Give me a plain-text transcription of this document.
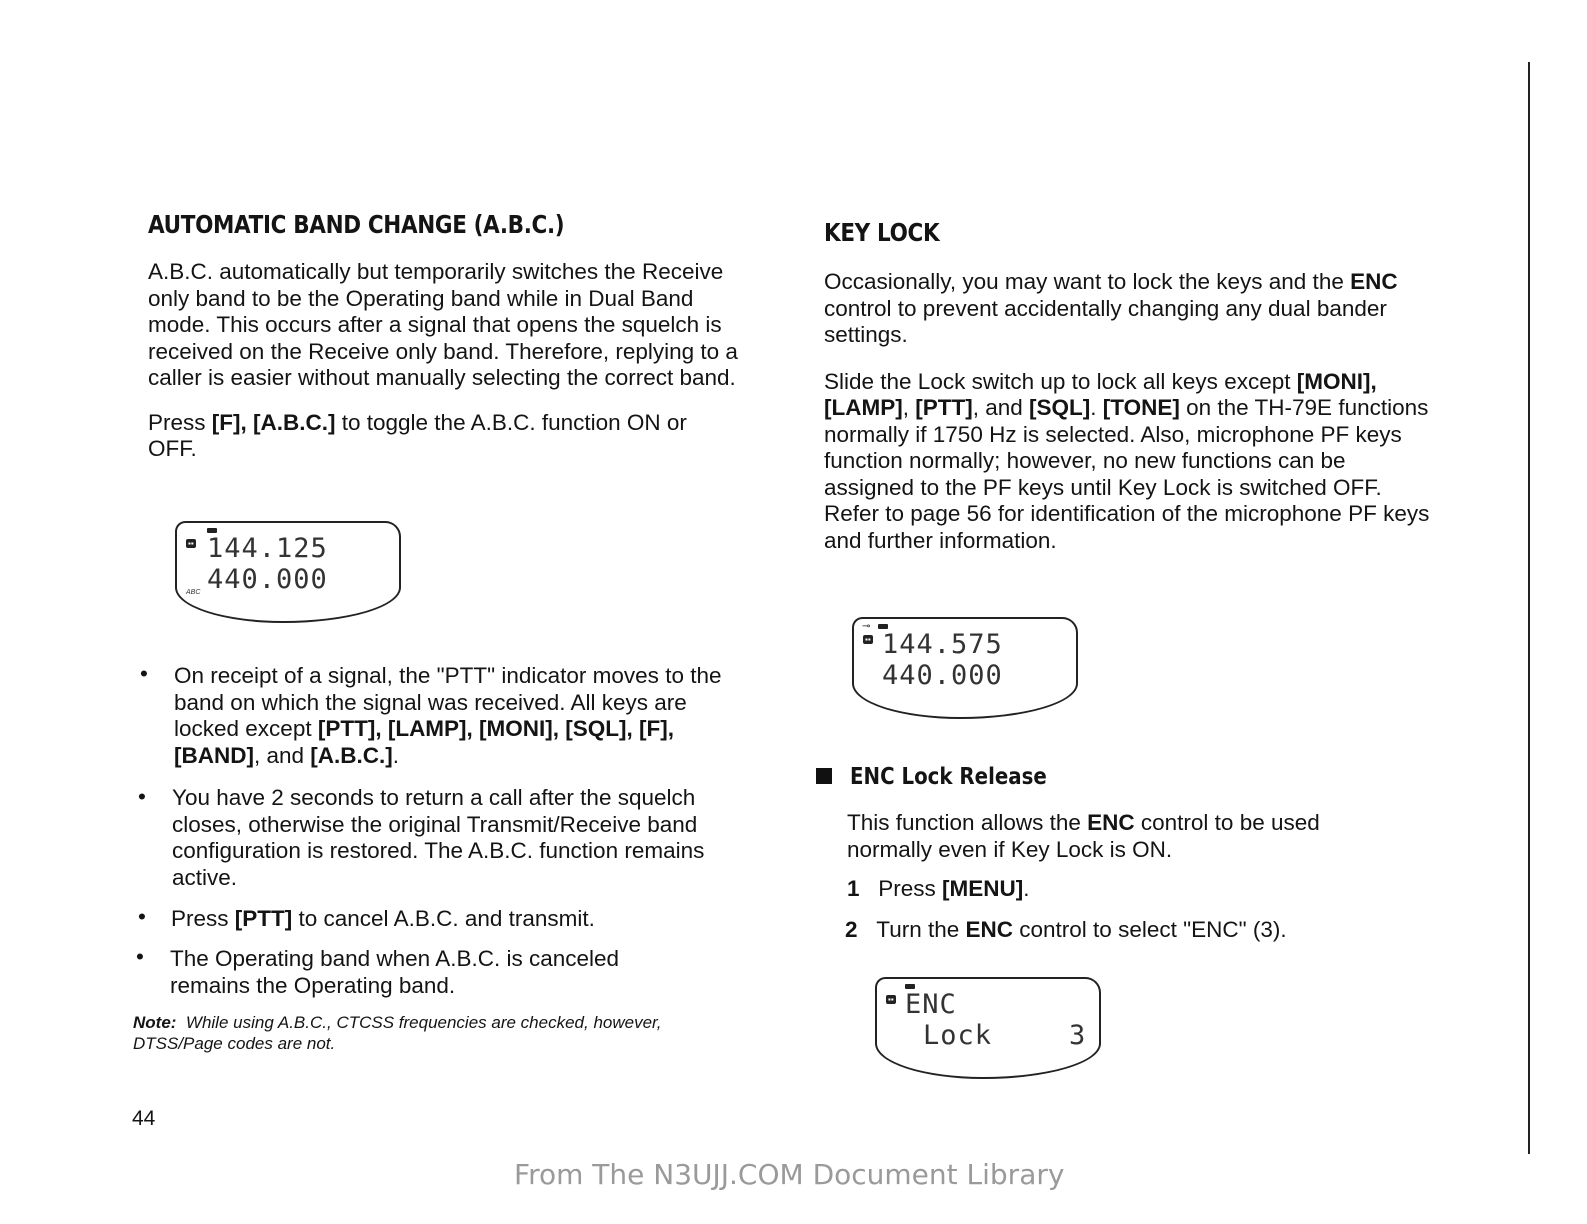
AUTOMATIC BAND CHANGE (A.B.C.)

A.B.C. automatically but temporarily switches the Receive only band to be the Operating band while in Dual Band mode. This occurs after a signal that opens the squelch is received on the Receive only band. Therefore, replying to a caller is easier without manually selecting the correct band.

Press [F], [A.B.C.] to toggle the A.B.C. function ON or OFF.

▪▪ 144.125
440.000
ABC
• On receipt of a signal, the "PTT" indicator moves to the band on which the signal was received. All keys are locked except [PTT], [LAMP], [MONI], [SQL], [F], [BAND], and [A.B.C.].

• You have 2 seconds to return a call after the squelch closes, otherwise the original Transmit/Receive band configuration is restored. The A.B.C. function remains active.

• Press [PTT] to cancel A.B.C. and transmit.

• The Operating band when A.B.C. is canceled remains the Operating band.

Note: While using A.B.C., CTCSS frequencies are checked, however, DTSS/Page codes are not.

KEY LOCK

Occasionally, you may want to lock the keys and the ENC control to prevent accidentally changing any dual bander settings.

Slide the Lock switch up to lock all keys except [MONI], [LAMP], [PTT], and [SQL]. [TONE] on the TH-79E functions normally if 1750 Hz is selected. Also, microphone PF keys function normally; however, no new functions can be assigned to the PF keys until Key Lock is switched OFF. Refer to page 56 for identification of the microphone PF keys and further information.

⊸
▪▪ 144.575
440.000
ENC Lock Release

This function allows the ENC control to be used normally even if Key Lock is ON.

1 Press [MENU].

2 Turn the ENC control to select "ENC" (3).

▪▪ ENC
Lock	3
44
From The N3UJJ.COM Document Library
